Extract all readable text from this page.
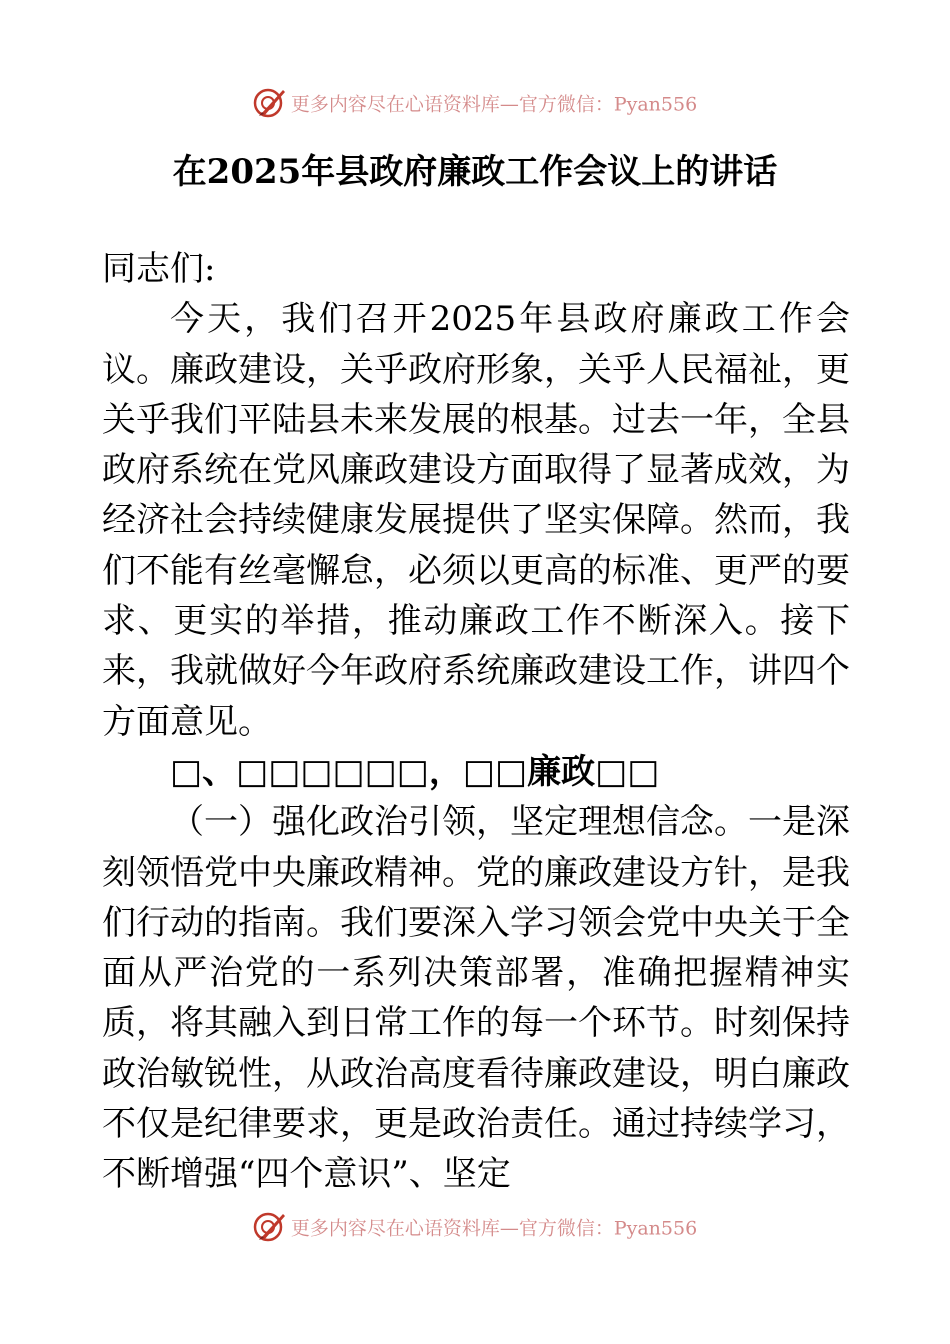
更多内容尽在心语资料库—官方微信：Pyan556
在2025年县政府廉政工作会议上的讲话

同志们:

今天，我们召开2025年县政府廉政工作会议。廉政建设，关乎政府形象，关乎人民福祉，更关乎我们平陆县未来发展的根基。过去一年，全县政府系统在党风廉政建设方面取得了显著成效，为经济社会持续健康发展提供了坚实保障。然而，我们不能有丝毫懈怠，必须以更高的标准、更严的要求、更实的举措，推动廉政工作不断深入。接下来，我就做好今年政府系统廉政建设工作，讲四个方面意见。

□、□□□□□□，□□廉政□□

（一）强化政治引领，坚定理想信念。一是深刻领悟党中央廉政精神。党的廉政建设方针，是我们行动的指南。我们要深入学习领会党中央关于全面从严治党的一系列决策部署，准确把握精神实质，将其融入到日常工作的每一个环节。时刻保持政治敏锐性，从政治高度看待廉政建设，明白廉政不仅是纪律要求，更是政治责任。通过持续学习，不断增强“四个意识”、坚定

更多内容尽在心语资料库—官方微信：Pyan556
